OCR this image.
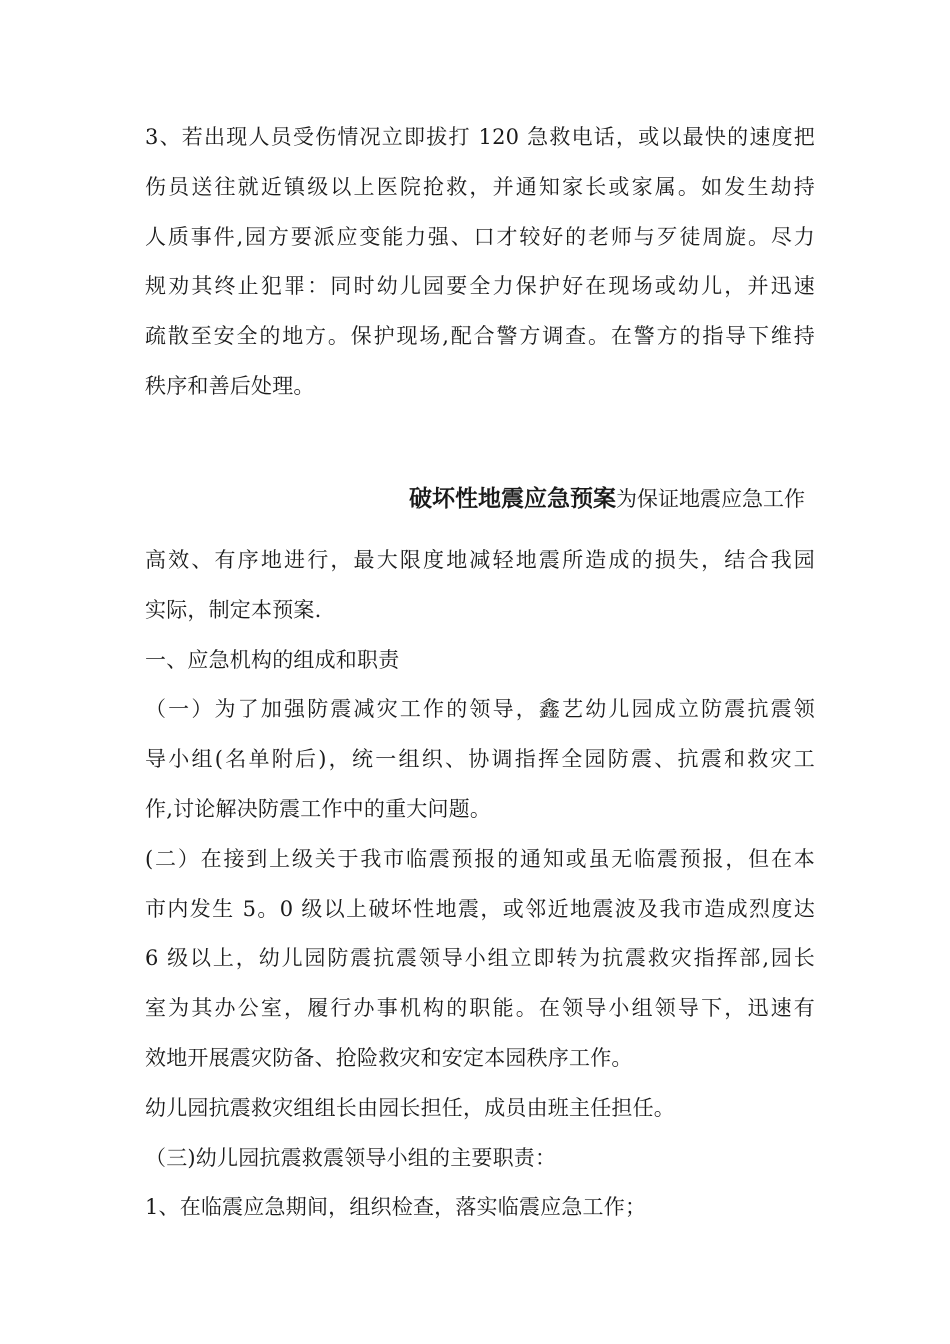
3、若出现人员受伤情况立即拔打 120 急救电话，或以最快的速度把
伤员送往就近镇级以上医院抢救，并通知家长或家属。如发生劫持
人质事件,园方要派应变能力强、口才较好的老师与歹徒周旋。尽力
规劝其终止犯罪：同时幼儿园要全力保护好在现场或幼儿，并迅速
疏散至安全的地方。保护现场,配合警方调查。在警方的指导下维持
秩序和善后处理。
破坏性地震应急预案为保证地震应急工作
高效、有序地进行，最大限度地减轻地震所造成的损失，结合我园
实际，制定本预案.
一、应急机构的组成和职责
（一）为了加强防震减灾工作的领导，鑫艺幼儿园成立防震抗震领
导小组(名单附后)，统一组织、协调指挥全园防震、抗震和救灾工
作,讨论解决防震工作中的重大问题。
(二）在接到上级关于我市临震预报的通知或虽无临震预报，但在本
市内发生 5。0 级以上破坏性地震，或邻近地震波及我市造成烈度达
6 级以上，幼儿园防震抗震领导小组立即转为抗震救灾指挥部,园长
室为其办公室，履行办事机构的职能。在领导小组领导下，迅速有
效地开展震灾防备、抢险救灾和安定本园秩序工作。
幼儿园抗震救灾组组长由园长担任，成员由班主任担任。
（三)幼儿园抗震救震领导小组的主要职责：
1、在临震应急期间，组织检查，落实临震应急工作；
